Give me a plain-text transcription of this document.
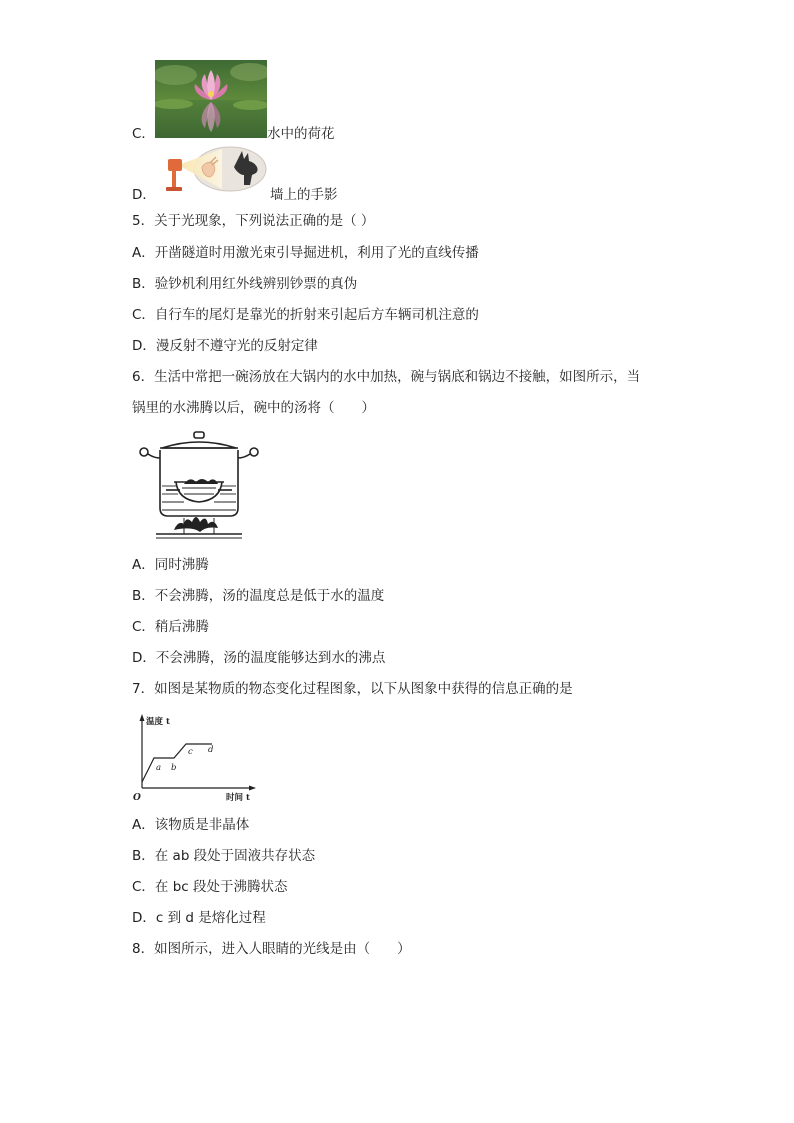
C．	水中的荷花
D．	墙上的手影
5．关于光现象，下列说法正确的是（ ）
A．开凿隧道时用激光束引导掘进机，利用了光的直线传播
B．验钞机利用红外线辨别钞票的真伪
C．自行车的尾灯是靠光的折射来引起后方车辆司机注意的
D．漫反射不遵守光的反射定律
6．生活中常把一碗汤放在大锅内的水中加热，碗与锅底和锅边不接触，如图所示，当
锅里的水沸腾以后，碗中的汤将（　　）
A．同时沸腾
B．不会沸腾，汤的温度总是低于水的温度
C．稍后沸腾
D．不会沸腾，汤的温度能够达到水的沸点
7．如图是某物质的物态变化过程图象，以下从图象中获得的信息正确的是
温度 t
时间 t
O
a b
c d
A．该物质是非晶体
B．在 ab 段处于固液共存状态
C．在 bc 段处于沸腾状态
D．c 到 d 是熔化过程
8．如图所示，进入人眼睛的光线是由（　　）
